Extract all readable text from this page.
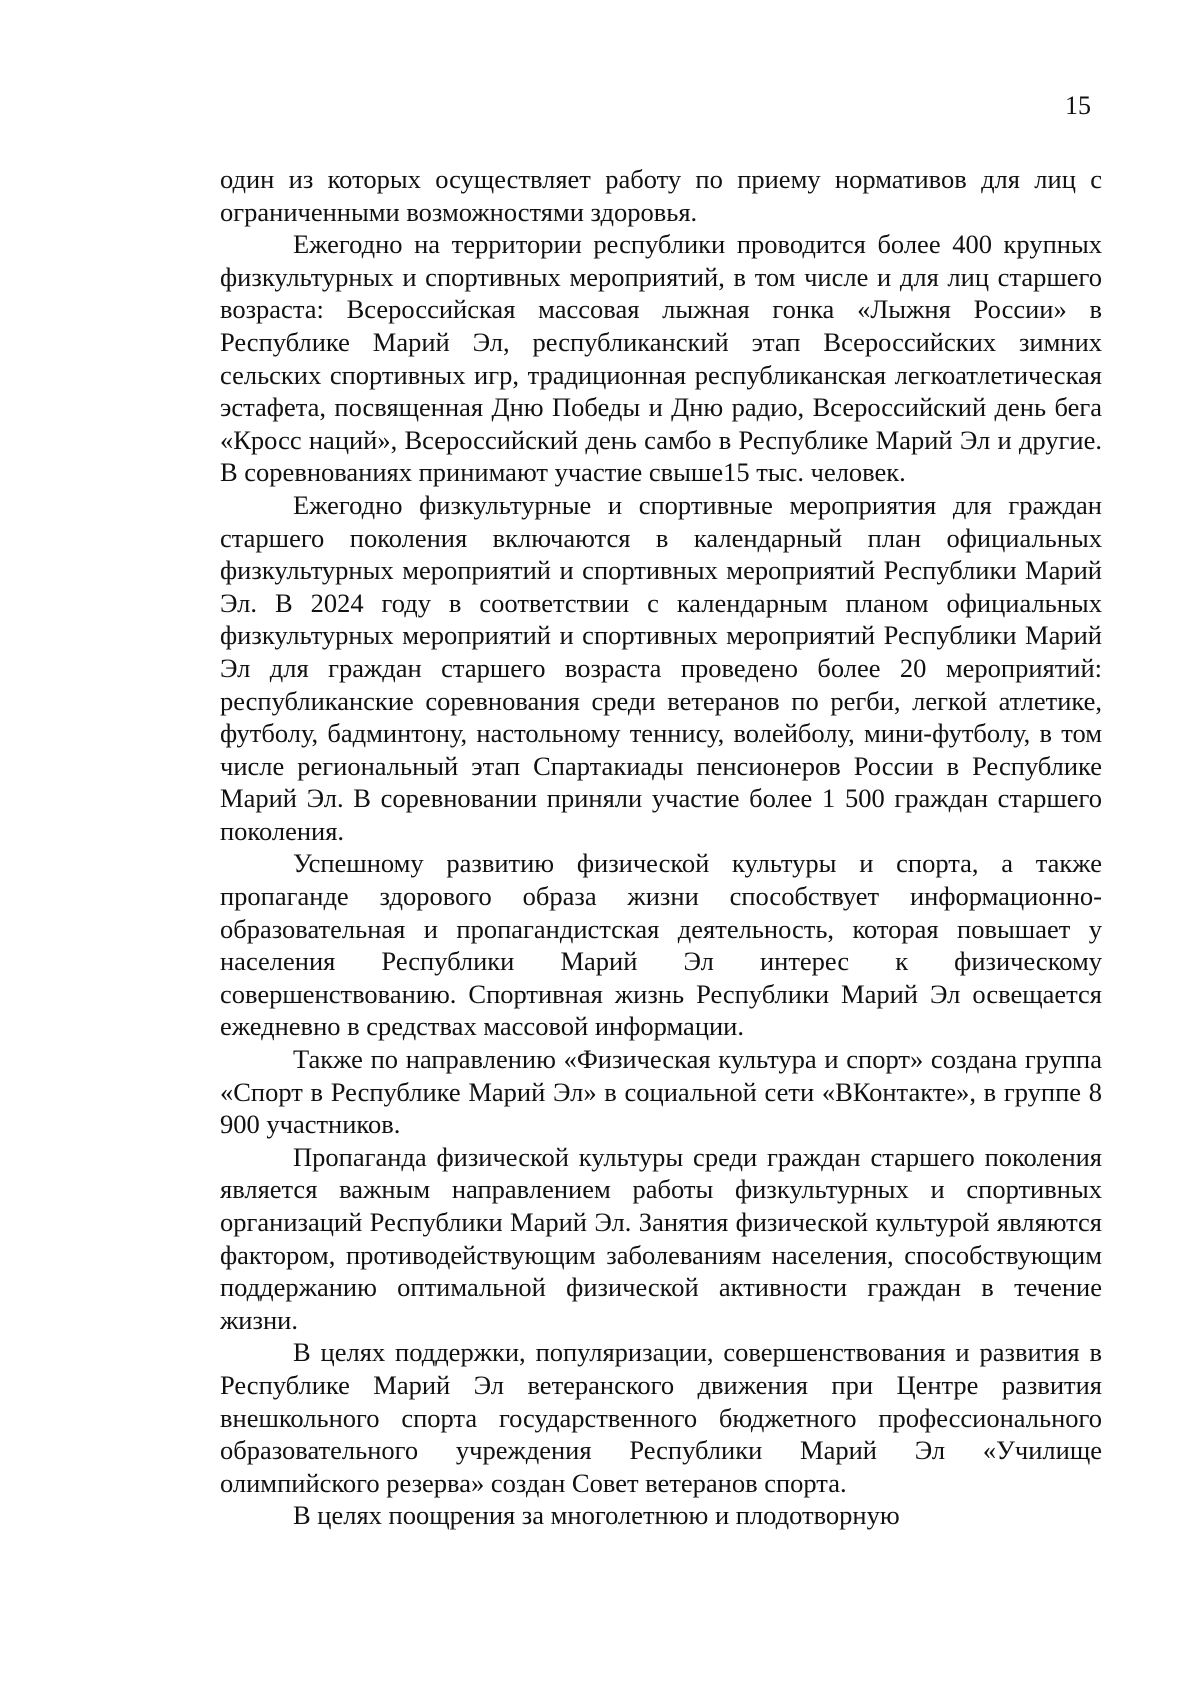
15

один из которых осуществляет работу по приему нормативов для лиц с ограниченными возможностями здоровья.

Ежегодно на территории республики проводится более 400 крупных физкультурных и спортивных мероприятий, в том числе и для лиц старшего возраста: Всероссийская массовая лыжная гонка «Лыжня России» в Республике Марий Эл, республиканский этап Всероссийских зимних сельских спортивных игр, традиционная республиканская легкоатлетическая эстафета, посвященная Дню Победы и Дню радио, Всероссийский день бега «Кросс наций», Всероссийский день самбо в Республике Марий Эл и другие. В соревнованиях принимают участие свыше15 тыс. человек.

Ежегодно физкультурные и спортивные мероприятия для граждан старшего поколения включаются в календарный план официальных физкультурных мероприятий и спортивных мероприятий Республики Марий Эл. В 2024 году в соответствии с календарным планом официальных физкультурных мероприятий и спортивных мероприятий Республики Марий Эл для граждан старшего возраста проведено более 20 мероприятий: республиканские соревнования среди ветеранов по регби, легкой атлетике, футболу, бадминтону, настольному теннису, волейболу, мини-футболу, в том числе региональный этап Спартакиады пенсионеров России в Республике Марий Эл. В соревновании приняли участие более 1 500 граждан старшего поколения.

Успешному развитию физической культуры и спорта, а также пропаганде здорового образа жизни способствует информационно-образовательная и пропагандистская деятельность, которая повышает у населения Республики Марий Эл интерес к физическому совершенствованию. Спортивная жизнь Республики Марий Эл освещается ежедневно в средствах массовой информации.

Также по направлению «Физическая культура и спорт» создана группа «Спорт в Республике Марий Эл» в социальной сети «ВКонтакте», в группе 8 900 участников.

Пропаганда физической культуры среди граждан старшего поколения является важным направлением работы физкультурных и спортивных организаций Республики Марий Эл. Занятия физической культурой являются фактором, противодействующим заболеваниям населения, способствующим поддержанию оптимальной физической активности граждан в течение жизни.

В целях поддержки, популяризации, совершенствования и развития в Республике Марий Эл ветеранского движения при Центре развития внешкольного спорта государственного бюджетного профессионального образовательного учреждения Республики Марий Эл «Училище олимпийского резерва» создан Совет ветеранов спорта.

В целях поощрения за многолетнюю и плодотворную
